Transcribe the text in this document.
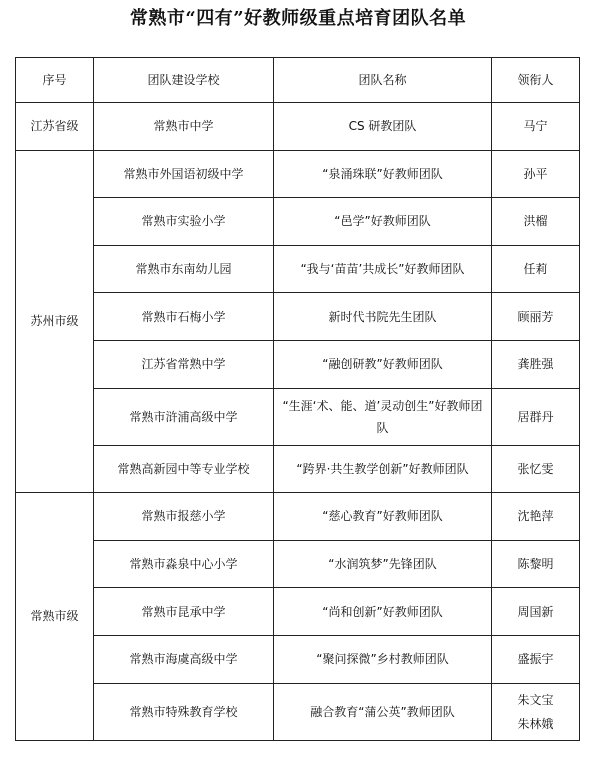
常熟市“四有”好教师级重点培育团队名单
序号	团队建设学校	团队名称	领衔人
江苏省级	常熟市中学	CS 研教团队	马宁

苏州市级	常熟市外国语初级中学	“泉涌珠联”好教师团队	孙平

	常熟市实验小学	“邑学”好教师团队	洪榴

	常熟市东南幼儿园	“我与‘苗苗’共成长”好教师团队	任莉

	常熟市石梅小学	新时代书院先生团队	顾丽芳

	江苏省常熟中学	“融创研教”好教师团队	龚胜强

	常熟市浒浦高级中学	“生涯‘术、能、道’灵动创生”好教师团队	居群丹

	常熟高新园中等专业学校	“跨界·共生教学创新”好教师团队	张忆雯

常熟市级	常熟市报慈小学	“慈心教育”好教师团队	沈艳萍

	常熟市淼泉中心小学	“水润筑梦”先锋团队	陈黎明

	常熟市昆承中学	“尚和创新”好教师团队	周国新

	常熟市海虞高级中学	“聚问探微”乡村教师团队	盛振宇

	常熟市特殊教育学校	融合教育“蒲公英”教师团队	朱文宝
朱林娥
